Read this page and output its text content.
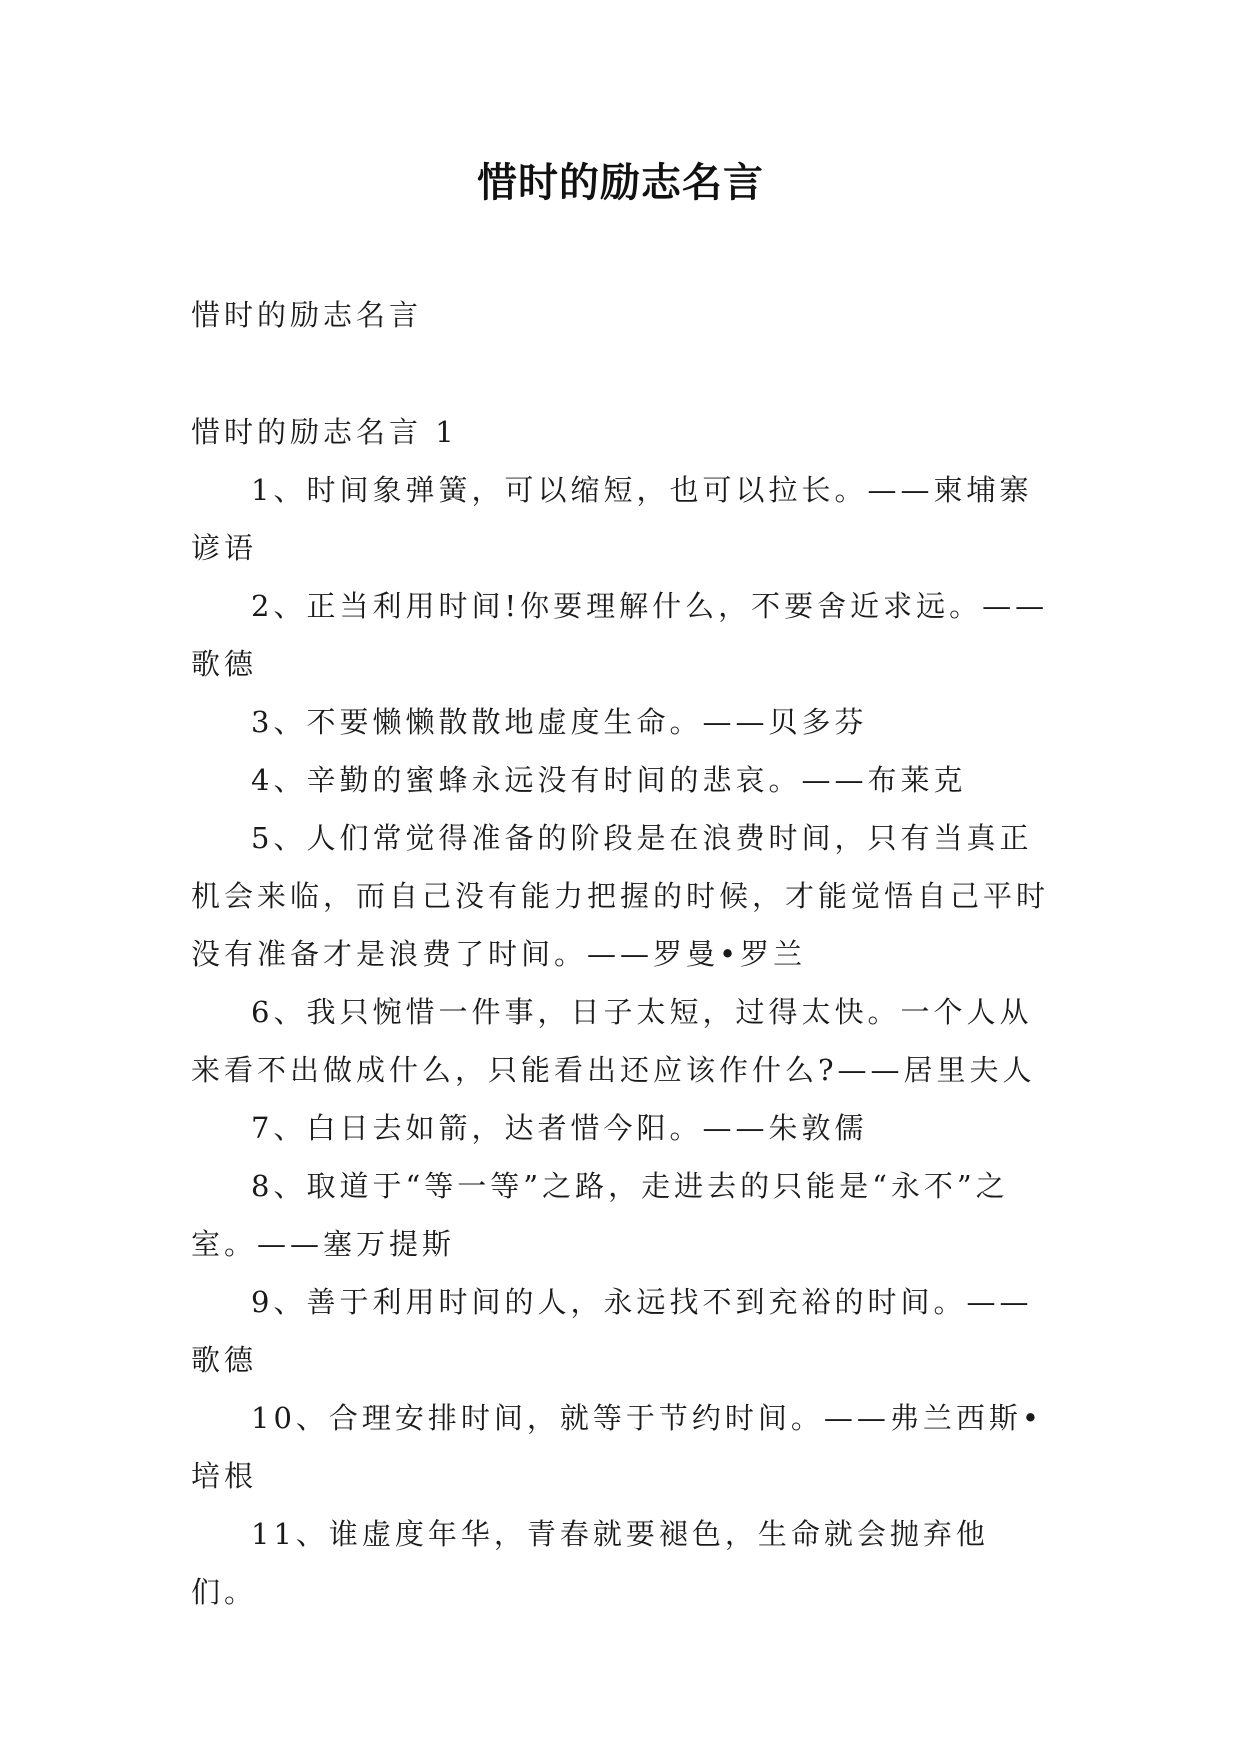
惜时的励志名言
惜时的励志名言
惜时的励志名言 1
1、时间象弹簧，可以缩短，也可以拉长。——柬埔寨谚语
2、正当利用时间!你要理解什么，不要舍近求远。——歌德
3、不要懒懒散散地虚度生命。——贝多芬
4、辛勤的蜜蜂永远没有时间的悲哀。——布莱克
5、人们常觉得准备的阶段是在浪费时间，只有当真正机会来临，而自己没有能力把握的时候，才能觉悟自己平时没有准备才是浪费了时间。——罗曼•罗兰
6、我只惋惜一件事，日子太短，过得太快。一个人从来看不出做成什么，只能看出还应该作什么?——居里夫人
7、白日去如箭，达者惜今阳。——朱敦儒
8、取道于“等一等”之路，走进去的只能是“永不”之室。——塞万提斯
9、善于利用时间的人，永远找不到充裕的时间。——歌德
10、合理安排时间，就等于节约时间。——弗兰西斯•培根
11、谁虚度年华，青春就要褪色，生命就会抛弃他们。
